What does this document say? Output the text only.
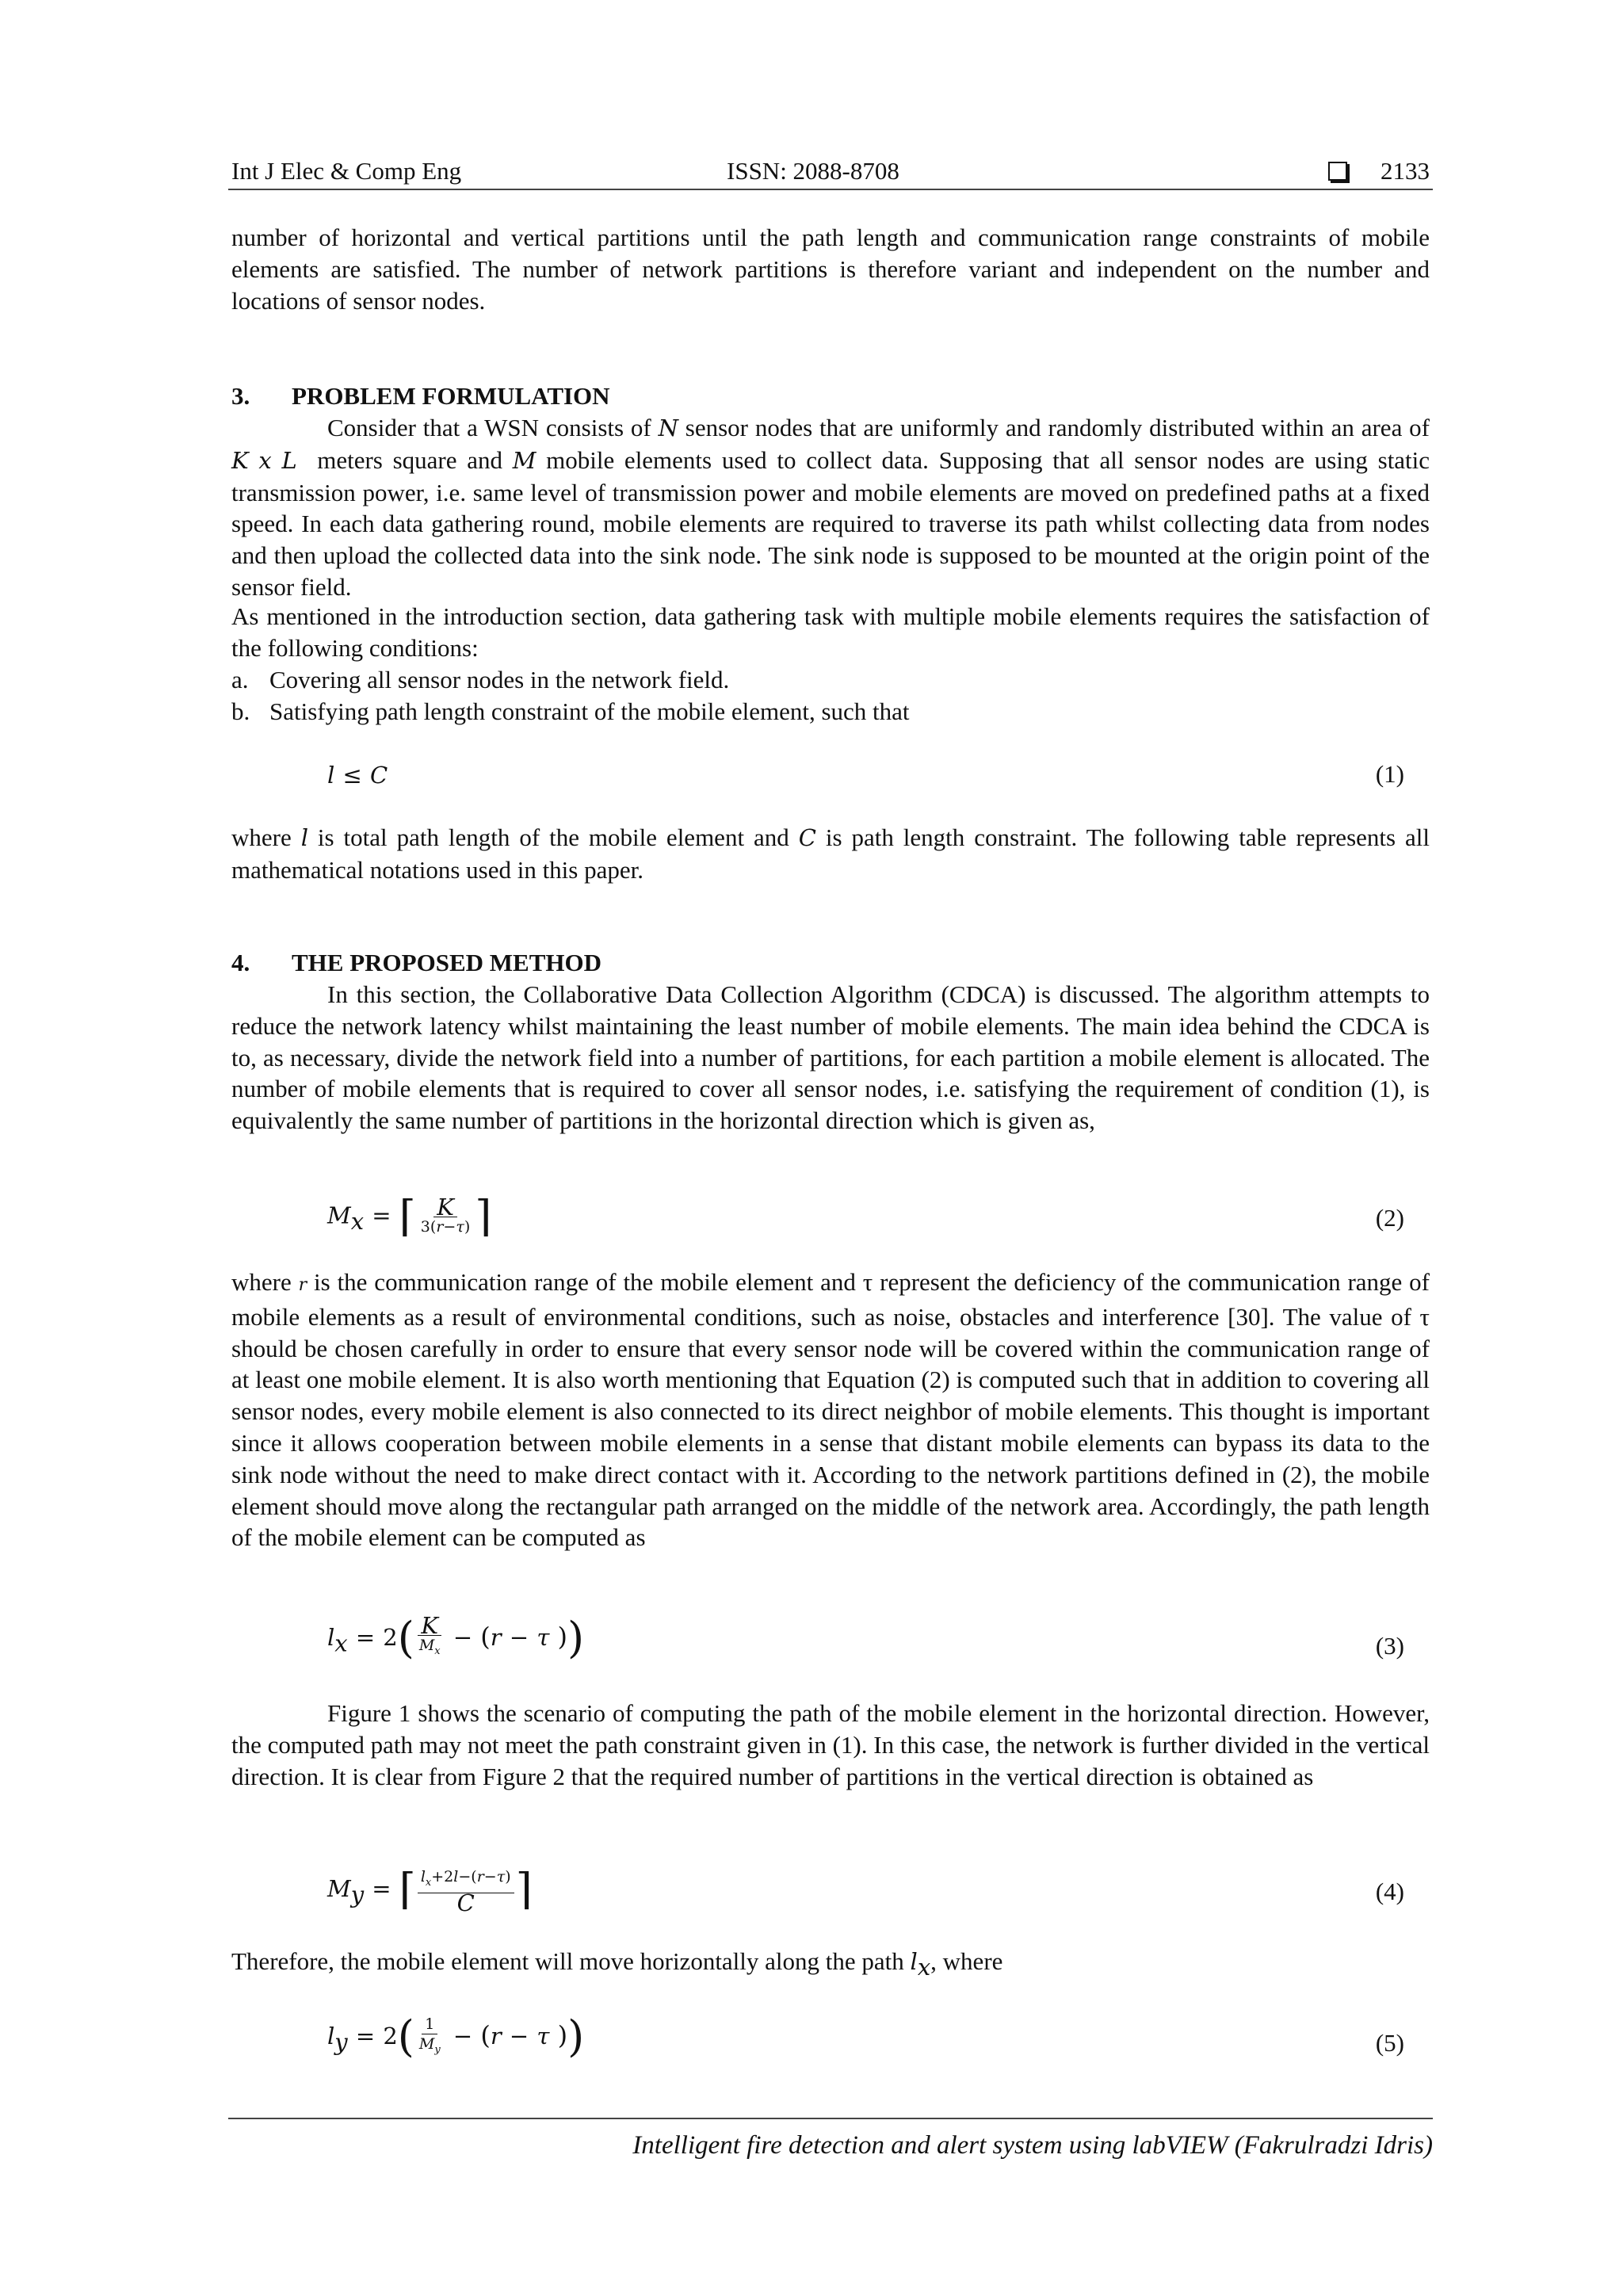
Int J Elec & Comp Eng	ISSN: 2088-8708	2133

number of horizontal and vertical partitions until the path length and communication range constraints of mobile elements are satisfied. The number of network partitions is therefore variant and independent on the number and locations of sensor nodes.

3. PROBLEM FORMULATION

Consider that a WSN consists of N sensor nodes that are uniformly and randomly distributed within an area of K x L  meters square and M mobile elements used to collect data. Supposing that all sensor nodes are using static transmission power, i.e. same level of transmission power and mobile elements are moved on predefined paths at a fixed speed. In each data gathering round, mobile elements are required to traverse its path whilst collecting data from nodes and then upload the collected data into the sink node. The sink node is supposed to be mounted at the origin point of the sensor field.

As mentioned in the introduction section, data gathering task with multiple mobile elements requires the satisfaction of the following conditions:

a. Covering all sensor nodes in the network field.
b. Satisfying path length constraint of the mobile element, such that
l ≤ C	(1)

where l is total path length of the mobile element and C is path length constraint. The following table represents all mathematical notations used in this paper.

4. THE PROPOSED METHOD

In this section, the Collaborative Data Collection Algorithm (CDCA) is discussed. The algorithm attempts to reduce the network latency whilst maintaining the least number of mobile elements. The main idea behind the CDCA is to, as necessary, divide the network field into a number of partitions, for each partition a mobile element is allocated. The number of mobile elements that is required to cover all sensor nodes, i.e. satisfying the requirement of condition (1), is equivalently the same number of partitions in the horizontal direction which is given as,

$M_x$ = ⌈ $\frac{K}{3(r-\tau)}$ ⌉	(2)

where r is the communication range of the mobile element and τ represent the deficiency of the communication range of mobile elements as a result of environmental conditions, such as noise, obstacles and interference [30]. The value of τ should be chosen carefully in order to ensure that every sensor node will be covered within the communication range of at least one mobile element. It is also worth mentioning that Equation (2) is computed such that in addition to covering all sensor nodes, every mobile element is also connected to its direct neighbor of mobile elements. This thought is important since it allows cooperation between mobile elements in a sense that distant mobile elements can bypass its data to the sink node without the need to make direct contact with it. According to the network partitions defined in (2), the mobile element should move along the rectangular path arranged on the middle of the network area. Accordingly, the path length of the mobile element can be computed as

$l_x = 2( \frac{K}{M_x} - (r - \tau$ ))	(3)

Figure 1 shows the scenario of computing the path of the mobile element in the horizontal direction. However, the computed path may not meet the path constraint given in (1). In this case, the network is further divided in the vertical direction. It is clear from Figure 2 that the required number of partitions in the vertical direction is obtained as

$M_y$ = ⌈ $\frac{l_x+2l-(r-\tau)}{C}$ ⌉	(4)

Therefore, the mobile element will move horizontally along the path $l_x$, where

$l_y = 2( \frac{1}{M_y} - (r - \tau$ ))	(5)
Intelligent fire detection and alert system using labVIEW (Fakrulradzi Idris)
